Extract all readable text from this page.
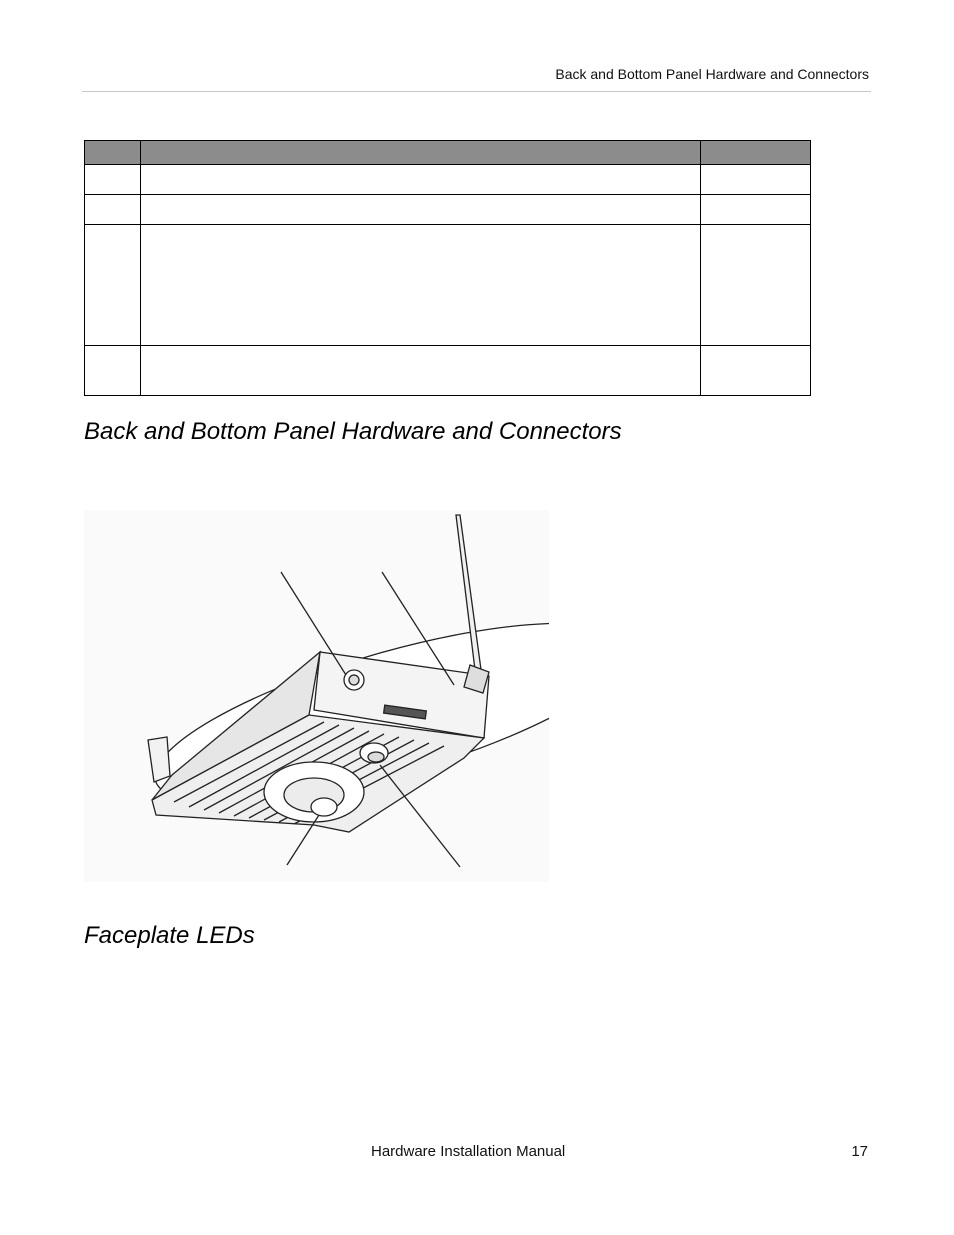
Back and Bottom Panel Hardware and Connectors

Back and Bottom Panel Hardware and Connectors
Faceplate LEDs
Hardware Installation Manual	17
